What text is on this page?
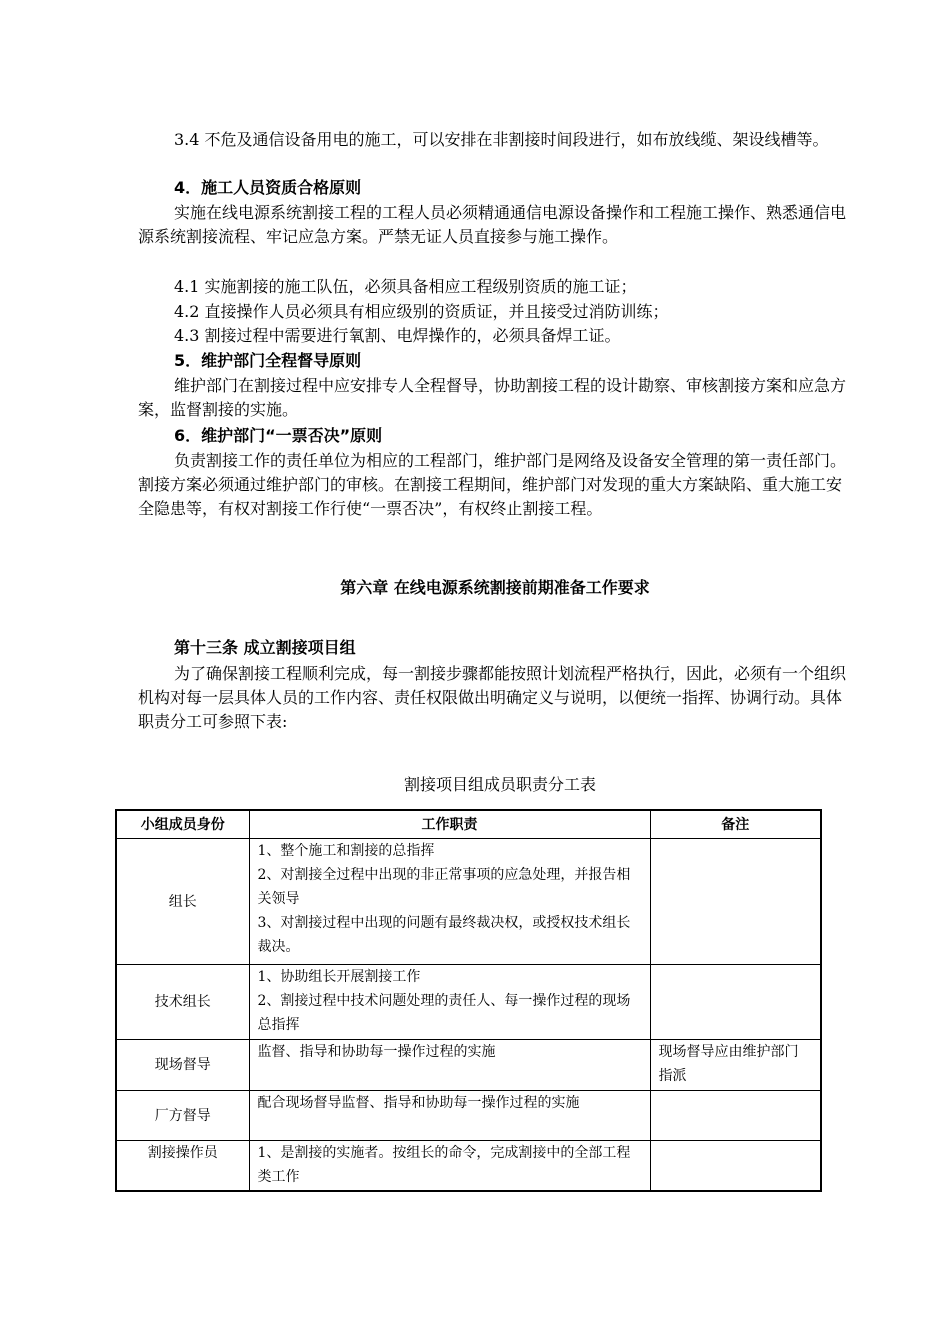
3.4 不危及通信设备用电的施工，可以安排在非割接时间段进行，如布放线缆、架设线槽等。

4．施工人员资质合格原则

实施在线电源系统割接工程的工程人员必须精通通信电源设备操作和工程施工操作、熟悉通信电源系统割接流程、牢记应急方案。严禁无证人员直接参与施工操作。

4.1 实施割接的施工队伍，必须具备相应工程级别资质的施工证；

4.2 直接操作人员必须具有相应级别的资质证，并且接受过消防训练；

4.3 割接过程中需要进行氧割、电焊操作的，必须具备焊工证。

5．维护部门全程督导原则

维护部门在割接过程中应安排专人全程督导，协助割接工程的设计勘察、审核割接方案和应急方案，监督割接的实施。

6．维护部门“一票否决”原则

负责割接工作的责任单位为相应的工程部门，维护部门是网络及设备安全管理的第一责任部门。割接方案必须通过维护部门的审核。在割接工程期间，维护部门对发现的重大方案缺陷、重大施工安全隐患等，有权对割接工作行使“一票否决”，有权终止割接工程。

第六章 在线电源系统割接前期准备工作要求

第十三条 成立割接项目组

为了确保割接工程顺利完成，每一割接步骤都能按照计划流程严格执行，因此，必须有一个组织机构对每一层具体人员的工作内容、责任权限做出明确定义与说明，以便统一指挥、协调行动。具体职责分工可参照下表:

割接项目组成员职责分工表

小组成员身份	工作职责	备注
组长	1、整个施工和割接的总指挥
2、对割接全过程中出现的非正常事项的应急处理，并报告相关领导
3、对割接过程中出现的问题有最终裁决权，或授权技术组长裁决。	

技术组长	1、协助组长开展割接工作
2、割接过程中技术问题处理的责任人、每一操作过程的现场总指挥	

现场督导	监督、指导和协助每一操作过程的实施	现场督导应由维护部门指派
厂方督导	配合现场督导监督、指导和协助每一操作过程的实施	

割接操作员	1、是割接的实施者。按组长的命令，完成割接中的全部工程类工作	
